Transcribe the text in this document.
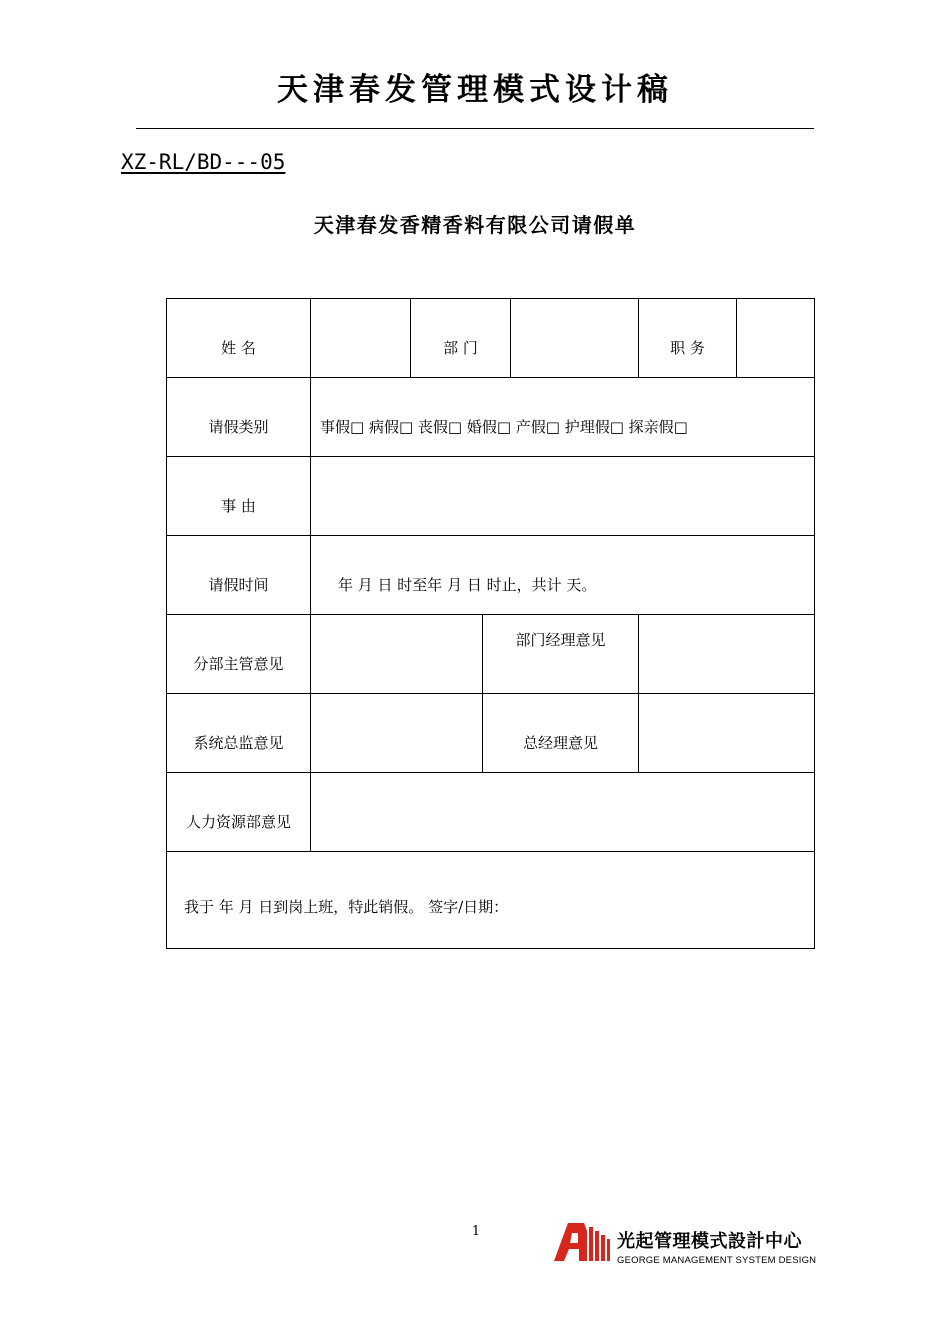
天津春发管理模式设计稿
XZ-RL/BD---05
天津春发香精香料有限公司请假单
姓 名		部 门			职 务	
请假类别	事假□ 病假□ 丧假□ 婚假□ 产假□ 护理假□ 探亲假□					
事 由						
请假时间	年 月 日 时至年 月 日 时止，共计 天。					
分部主管意见			部门经理意见			
系统总监意见			总经理意见			
人力资源部意见						
我于 年 月 日到岗上班，特此销假。 签字/日期：						
1	光起管理模式設計中心
GEORGE MANAGEMENT SYSTEM DESIGN
